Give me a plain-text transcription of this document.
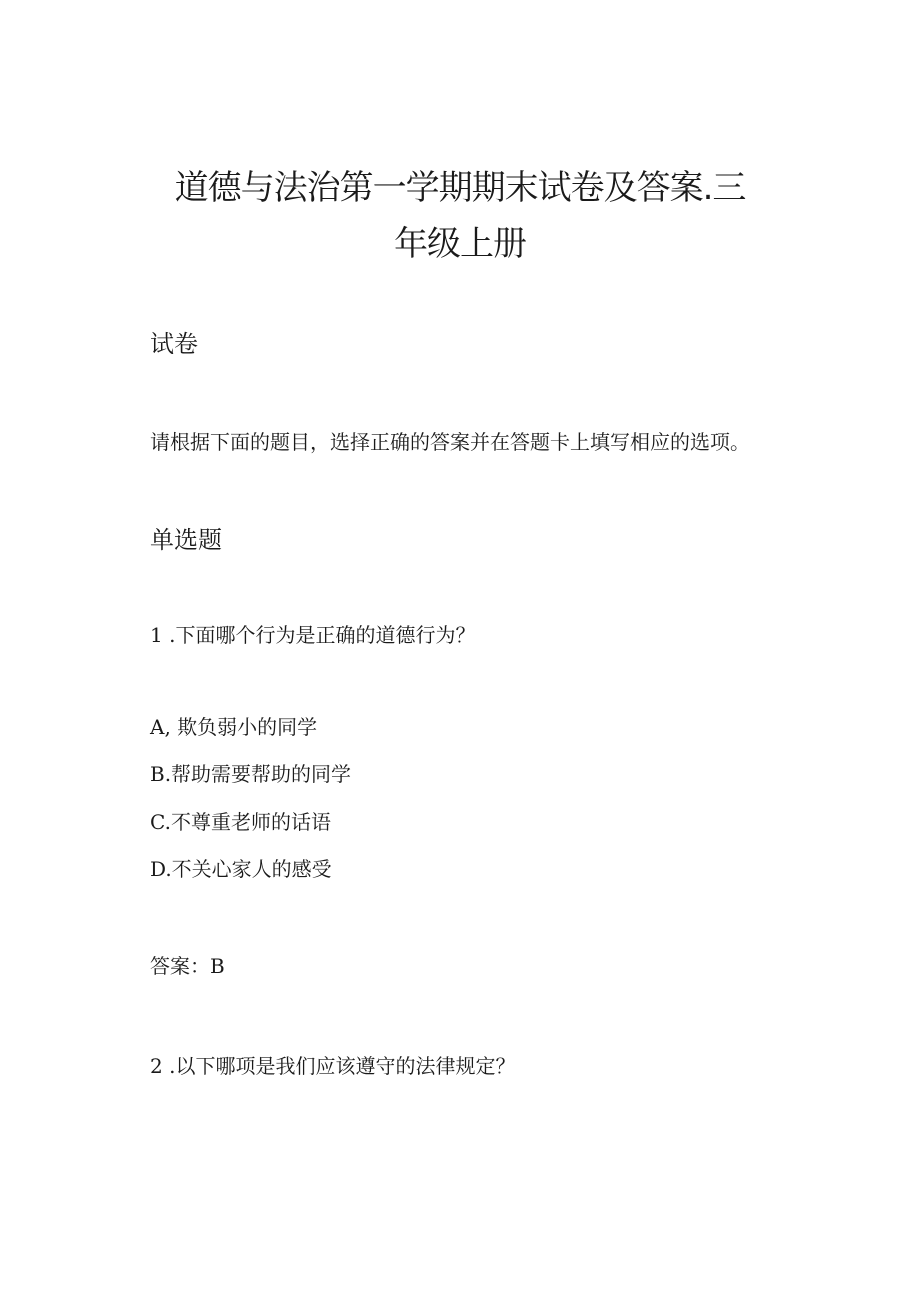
道德与法治第一学期期末试卷及答案.三
年级上册
试卷

请根据下面的题目，选择正确的答案并在答题卡上填写相应的选项。

单选题

1 .下面哪个行为是正确的道德行为？

A, 欺负弱小的同学

B.帮助需要帮助的同学

C.不尊重老师的话语

D.不关心家人的感受

答案：B

2 .以下哪项是我们应该遵守的法律规定？
